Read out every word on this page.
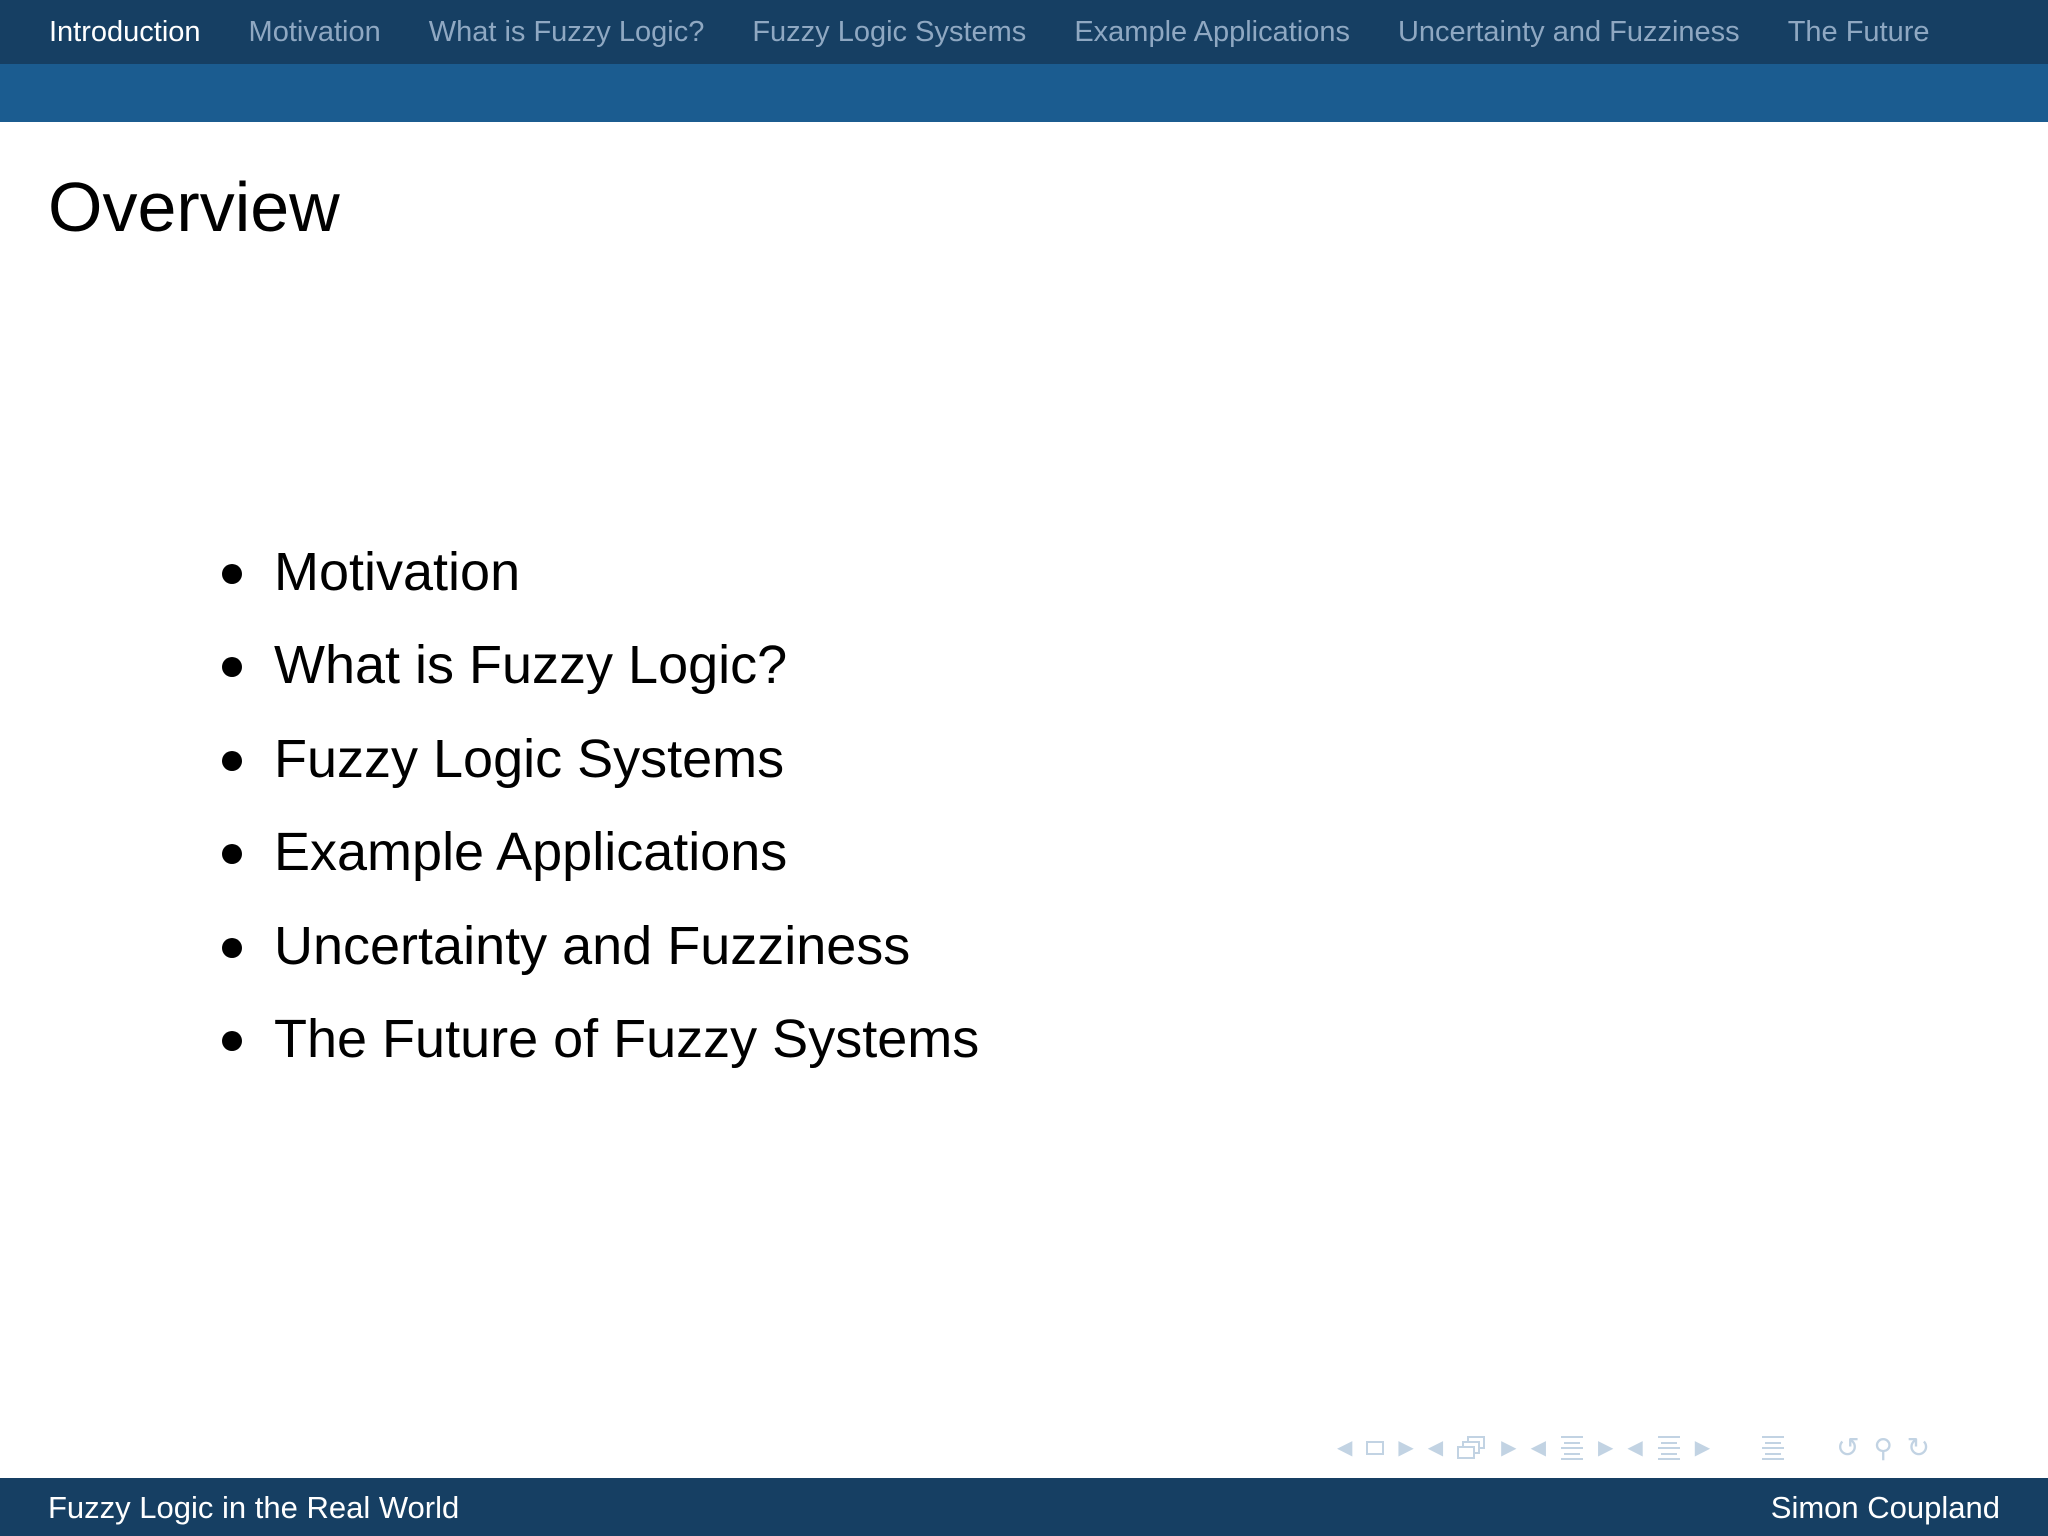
Introduction Motivation What is Fuzzy Logic? Fuzzy Logic Systems Example Applications Uncertainty and Fuzziness The Future
Overview
Motivation
What is Fuzzy Logic?
Fuzzy Logic Systems
Example Applications
Uncertainty and Fuzziness
The Future of Fuzzy Systems
◀ ▶ ◀	▶ ◀	▶ ◀	▶	↺ ⚲ ↻
Fuzzy Logic in the Real World	Simon Coupland
